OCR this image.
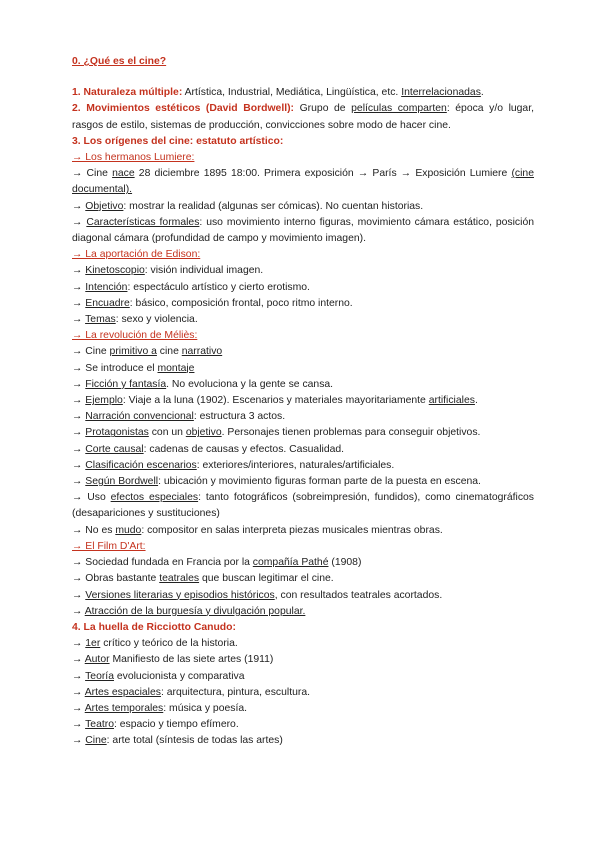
0. ¿Qué es el cine?
1. Naturaleza múltiple: Artística, Industrial, Mediática, Lingüística, etc. Interrelacionadas.
2. Movimientos estéticos (David Bordwell): Grupo de películas comparten: época y/o lugar, rasgos de estilo, sistemas de producción, convicciones sobre modo de hacer cine.
3. Los orígenes del cine: estatuto artístico:
→ Los hermanos Lumiere:
→ Cine nace 28 diciembre 1895 18:00. Primera exposición → París → Exposición Lumiere (cine documental).
→ Objetivo: mostrar la realidad (algunas ser cómicas). No cuentan historias.
→ Características formales: uso movimiento interno figuras, movimiento cámara estático, posición diagonal cámara (profundidad de campo y movimiento imagen).
→ La aportación de Edison:
→ Kinetoscopio: visión individual imagen.
→ Intención: espectáculo artístico y cierto erotismo.
→ Encuadre: básico, composición frontal, poco ritmo interno.
→ Temas: sexo y violencia.
→ La revolución de Méliès:
→ Cine primitivo a cine narrativo
→ Se introduce el montaje
→ Ficción y fantasía. No evoluciona y la gente se cansa.
→ Ejemplo: Viaje a la luna (1902). Escenarios y materiales mayoritariamente artificiales.
→ Narración convencional: estructura 3 actos.
→ Protagonistas con un objetivo. Personajes tienen problemas para conseguir objetivos.
→ Corte causal: cadenas de causas y efectos. Casualidad.
→ Clasificación escenarios: exteriores/interiores, naturales/artificiales.
→ Según Bordwell: ubicación y movimiento figuras forman parte de la puesta en escena.
→ Uso efectos especiales: tanto fotográficos (sobreimpresión, fundidos), como cinematográficos (desapariciones y sustituciones)
→ No es mudo: compositor en salas interpreta piezas musicales mientras obras.
→ El Film D'Art:
→ Sociedad fundada en Francia por la compañía Pathé (1908)
→ Obras bastante teatrales que buscan legitimar el cine.
→ Versiones literarias y episodios históricos, con resultados teatrales acortados.
→ Atracción de la burguesía y divulgación popular.
4. La huella de Ricciotto Canudo:
→ 1er crítico y teórico de la historia.
→ Autor Manifiesto de las siete artes (1911)
→ Teoría evolucionista y comparativa
→ Artes espaciales: arquitectura, pintura, escultura.
→ Artes temporales: música y poesía.
→ Teatro: espacio y tiempo efímero.
→ Cine: arte total (síntesis de todas las artes)
